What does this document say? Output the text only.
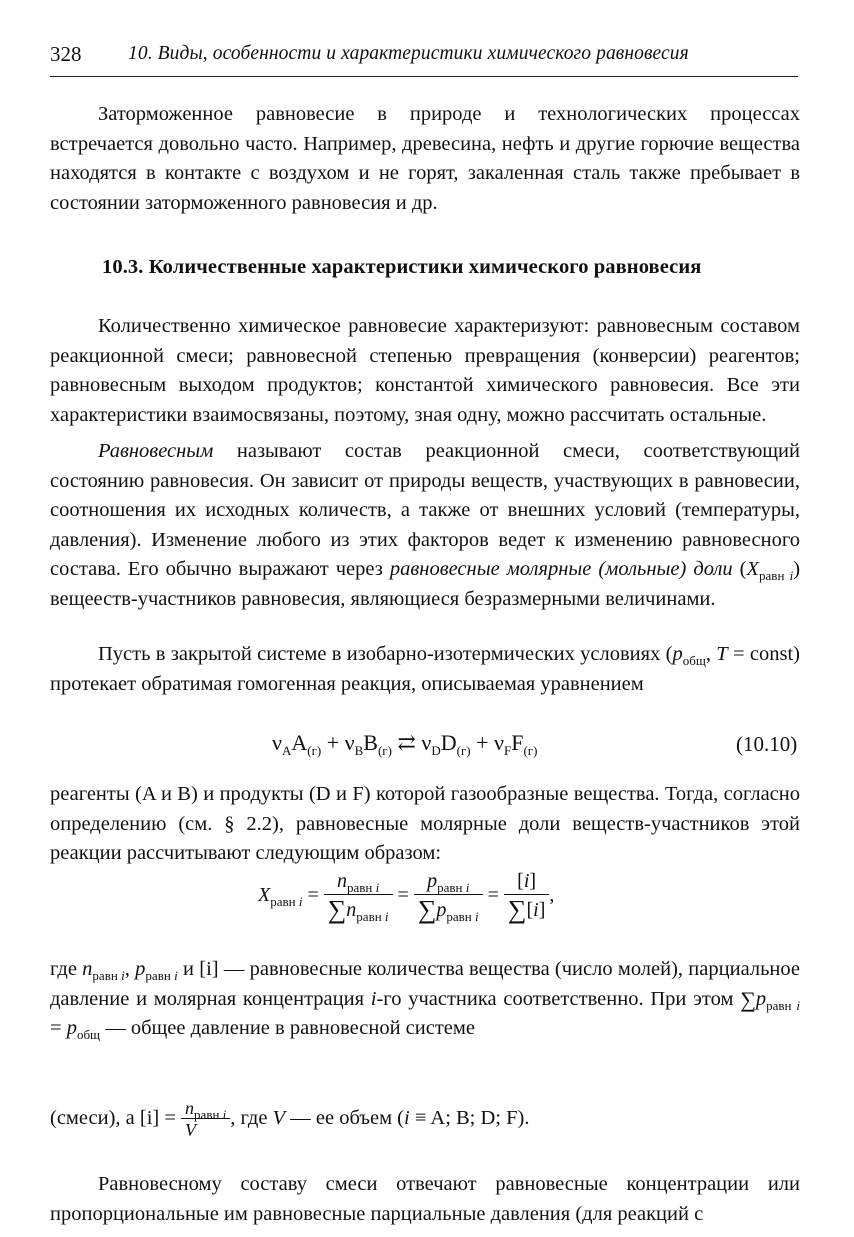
328 10. Виды, особенности и характеристики химического равновесия

Заторможенное равновесие в природе и технологических процессах встречается довольно часто. Например, древесина, нефть и другие горючие вещества находятся в контакте с воздухом и не горят, закаленная сталь также пребывает в состоянии заторможенного равновесия и др.

10.3. Количественные характеристики химического равновесия

Количественно химическое равновесие характеризуют: равновесным составом реакционной смеси; равновесной степенью превращения (конверсии) реагентов; равновесным выходом продуктов; константой химического равновесия. Все эти характеристики взаимосвязаны, поэтому, зная одну, можно рассчитать остальные.

Равновесным называют состав реакционной смеси, соответствующий состоянию равновесия. Он зависит от природы веществ, участвующих в равновесии, соотношения их исходных количеств, а также от внешних условий (температуры, давления). Изменение любого из этих факторов ведет к изменению равновесного состава. Его обычно выражают через равновесные молярные (мольные) доли $(X_{равн i})$ вещееств-участников равновесия, являющиеся безразмерными величинами.

Пусть в закрытой системе в изобарно-изотермических условиях ($p_{общ}$, T = const) протекает обратимая гомогенная реакция, описываемая уравнением

$\nu_AA_{(г)} + \nu_BB_{(г)}$ ⇄ $\nu_DD_{(г)} + \nu_FF_{(г)}$	(10.10)

реагенты (A и B) и продукты (D и F) которой газообразные вещества. Тогда, согласно определению (см. § 2.2), равновесные молярные доли веществ-участников этой реакции рассчитывают следующим образом:

$X_{равн i} = \frac{n_{равн i}}{\sum n_{равн i}} = \frac{p_{равн i}}{\sum p_{равн i}} = \frac{[i]}{\sum[i]}$ ,

где $n_{равн i}$, $p_{равн i}$ и [i] — равновесные количества вещества (число молей), парциальное давление и молярная концентрация i-го участника соответственно. При этом $\sum p_{равн i} = p_{общ}$ — общее давление в равновесной системе

(смеси), а $[i] = \frac{n_{равн i}}{V}$ , где V — ее объем (i ≡ A; B; D; F).

Равновесному составу смеси отвечают равновесные концентрации или пропорциональные им равновесные парциальные давления (для реакций с
